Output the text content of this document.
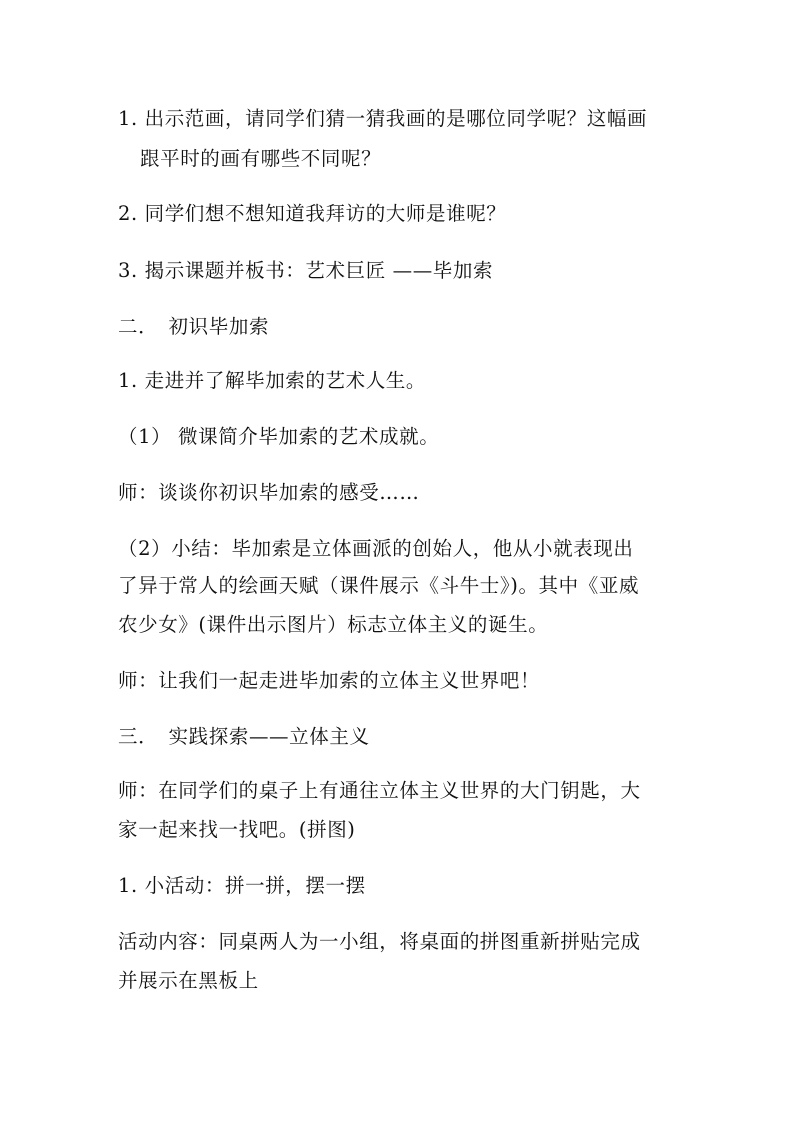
1. 出示范画，请同学们猜一猜我画的是哪位同学呢？这幅画
跟平时的画有哪些不同呢？
2. 同学们想不想知道我拜访的大师是谁呢？
3. 揭示课题并板书：艺术巨匠 ——毕加索
二．　初识毕加索
1. 走进并了解毕加索的艺术人生。
（1） 微课简介毕加索的艺术成就。
师：谈谈你初识毕加索的感受……
（2）小结：毕加索是立体画派的创始人，他从小就表现出
了异于常人的绘画天赋（课件展示《斗牛士》)。其中《亚威
农少女》(课件出示图片）标志立体主义的诞生。
师：让我们一起走进毕加索的立体主义世界吧！
三．　实践探索——立体主义
师：在同学们的桌子上有通往立体主义世界的大门钥匙，大
家一起来找一找吧。(拼图)
1. 小活动：拼一拼，摆一摆
活动内容：同桌两人为一小组，将桌面的拼图重新拼贴完成
并展示在黑板上
